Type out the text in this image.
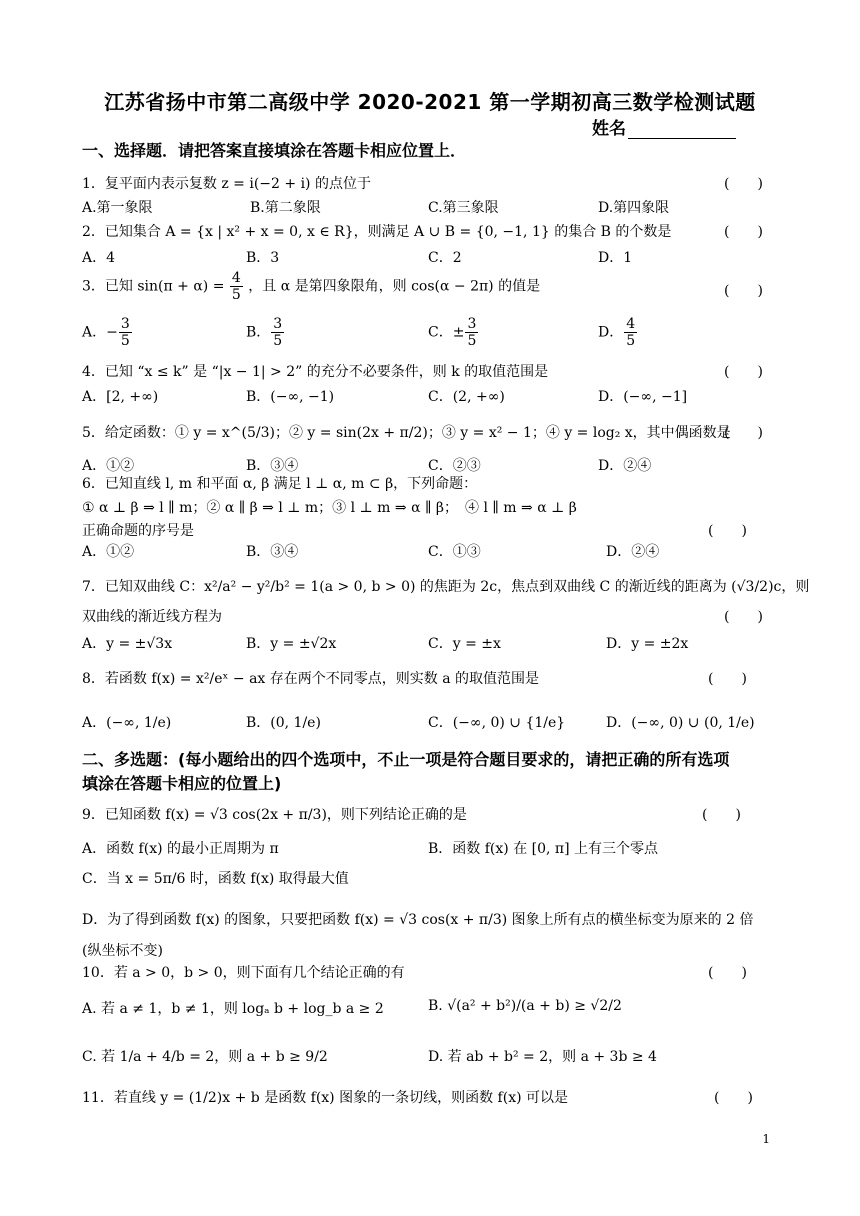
江苏省扬中市第二高级中学 2020-2021 第一学期初高三数学检测试题
姓名
一、选择题．请把答案直接填涂在答题卡相应位置上．
1．复平面内表示复数 z = i(−2 + i) 的点位于	(　　)
A.第一象限	B.第二象限	C.第三象限	D.第四象限
2．已知集合 A = {x | x² + x = 0, x ∈ R}，则满足 A ∪ B = {0, −1, 1} 的集合 B 的个数是	(　　)
A．4	B．3	C．2	D．1
3．已知 $\sin(\pi + \alpha) = \frac{4}{5}$ ，且 α 是第四象限角，则 cos(α − 2π) 的值是	(　　)
A．− $\frac{3}{5}$	B． $\frac{3}{5}$	C．± $\frac{3}{5}$	D． $\frac{4}{5}$
4．已知 “x ≤ k” 是 “|x − 1| > 2” 的充分不必要条件，则 k 的取值范围是	(　　)
A．[2, +∞)	B．(−∞, −1)	C．(2, +∞)	D．(−∞, −1]
5．给定函数：① y = x^(5/3)；② y = sin(2x + π/2)；③ y = x² − 1；④ y = log₂ x，其中偶函数是
(　　)
A．①②	B．③④	C．②③	D．②④
6．已知直线 l, m 和平面 α, β 满足 l ⊥ α, m ⊂ β，下列命题：
① α ⊥ β ⇒ l ∥ m；② α ∥ β ⇒ l ⊥ m；③ l ⊥ m ⇒ α ∥ β；　④ l ∥ m ⇒ α ⊥ β
正确命题的序号是	(　　)
A．①②	B．③④	C．①③	D．②④
7．已知双曲线 C：x²/a² − y²/b² = 1(a > 0, b > 0) 的焦距为 2c，焦点到双曲线 C 的渐近线的距离为 (√3/2)c，则
双曲线的渐近线方程为	(　　)
A．y = ±√3x	B．y = ±√2x	C．y = ±x	D．y = ±2x
8．若函数 f(x) = x²/eˣ − ax 存在两个不同零点，则实数 a 的取值范围是	(　　)
A．(−∞, 1/e)	B．(0, 1/e)	C．(−∞, 0) ∪ {1/e}	D．(−∞, 0) ∪ (0, 1/e)
二、多选题：(每小题给出的四个选项中，不止一项是符合题目要求的，请把正确的所有选项
填涂在答题卡相应的位置上)
9．已知函数 f(x) = √3 cos(2x + π/3)，则下列结论正确的是	(　　)
A．函数 f(x) 的最小正周期为 π	B．函数 f(x) 在 [0, π] 上有三个零点
C．当 x = 5π/6 时，函数 f(x) 取得最大值
D．为了得到函数 f(x) 的图象，只要把函数 f(x) = √3 cos(x + π/3) 图象上所有点的横坐标变为原来的 2 倍
(纵坐标不变)
10．若 a > 0，b > 0，则下面有几个结论正确的有	(　　)
A. 若 a ≠ 1，b ≠ 1，则 logₐ b + log_b a ≥ 2	B. √(a² + b²)/(a + b) ≥ √2/2
C. 若 1/a + 4/b = 2，则 a + b ≥ 9/2	D. 若 ab + b² = 2，则 a + 3b ≥ 4
11．若直线 y = (1/2)x + b 是函数 f(x) 图象的一条切线，则函数 f(x) 可以是	(　　)
1
